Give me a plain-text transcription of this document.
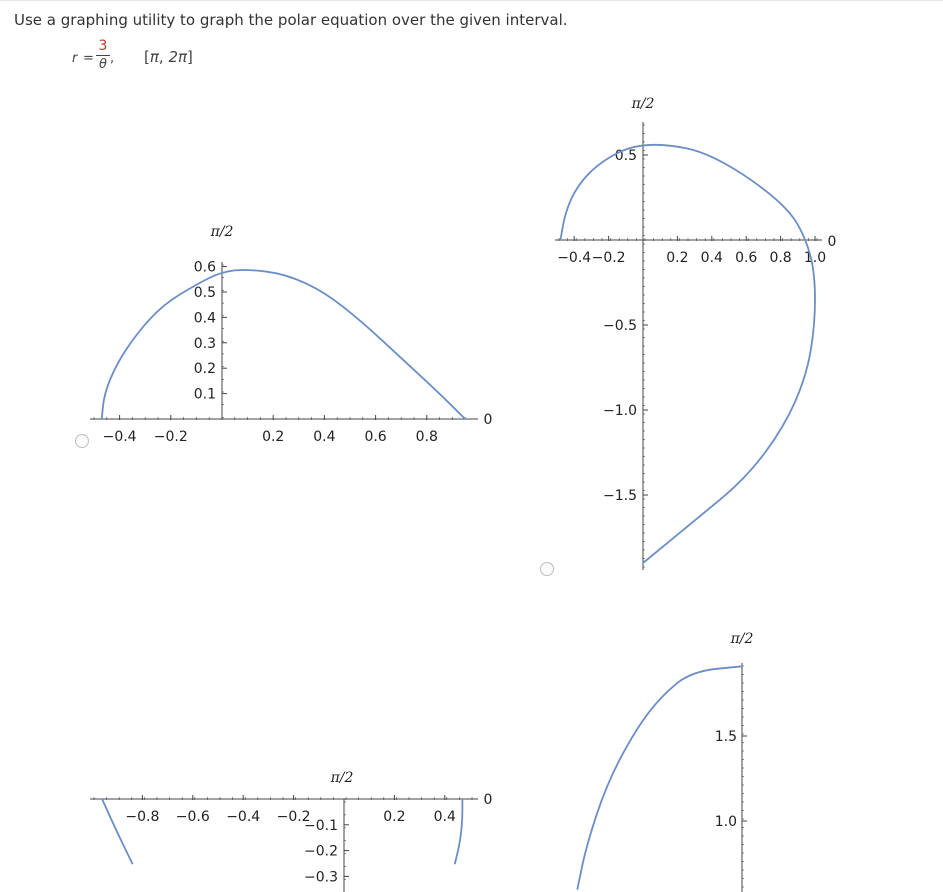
Use a graphing utility to graph the polar equation over the given interval.
r =
3
θ , [π, 2π]
−0.4 −0.2	0.2 0.4 0.6 0.8
0.1
0.2
0.3
0.4
0.5
0.6
π/2
0
−0.4 −0.2	0.2 0.4 0.6 0.8 1.0
0.5
−0.5
−1.0
−1.5
π/2
0
−0.8 −0.6 −0.4 −0.2	0.2 0.4
−0.1
−0.2
−0.3
π/2
0
1.5
1.0
π/2
